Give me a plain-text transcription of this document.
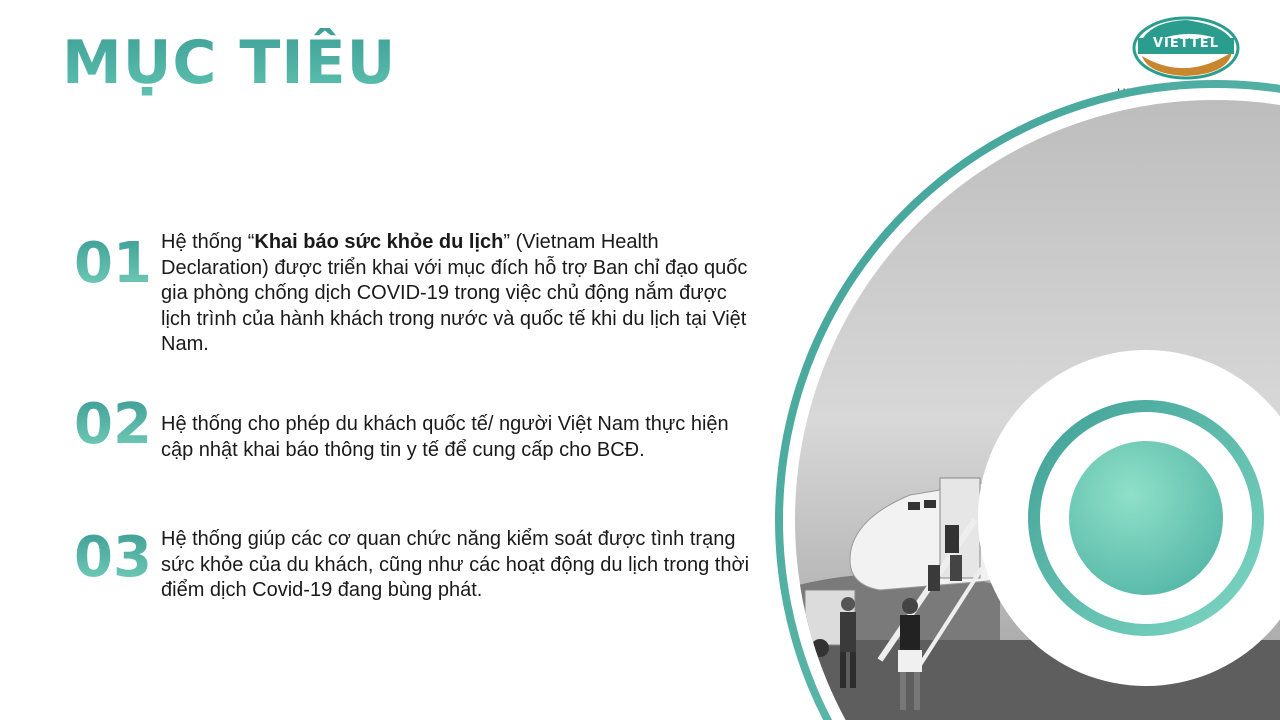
MỤC TIÊU	VIETTEL
01 Hệ thống “Khai báo sức khỏe du lịch” (Vietnam Health Declaration) được triển khai với mục đích hỗ trợ Ban chỉ đạo quốc gia phòng chống dịch COVID-19 trong việc chủ động nắm được lịch trình của hành khách trong nước và quốc tế khi du lịch tại Việt Nam.
02 Hệ thống cho phép du khách quốc tế/ người Việt Nam thực hiện cập nhật khai báo thông tin y tế để cung cấp cho BCĐ.
03 Hệ thống giúp các cơ quan chức năng kiểm soát được tình trạng sức khỏe của du khách, cũng như các hoạt động du lịch trong thời điểm dịch Covid-19 đang bùng phát.
